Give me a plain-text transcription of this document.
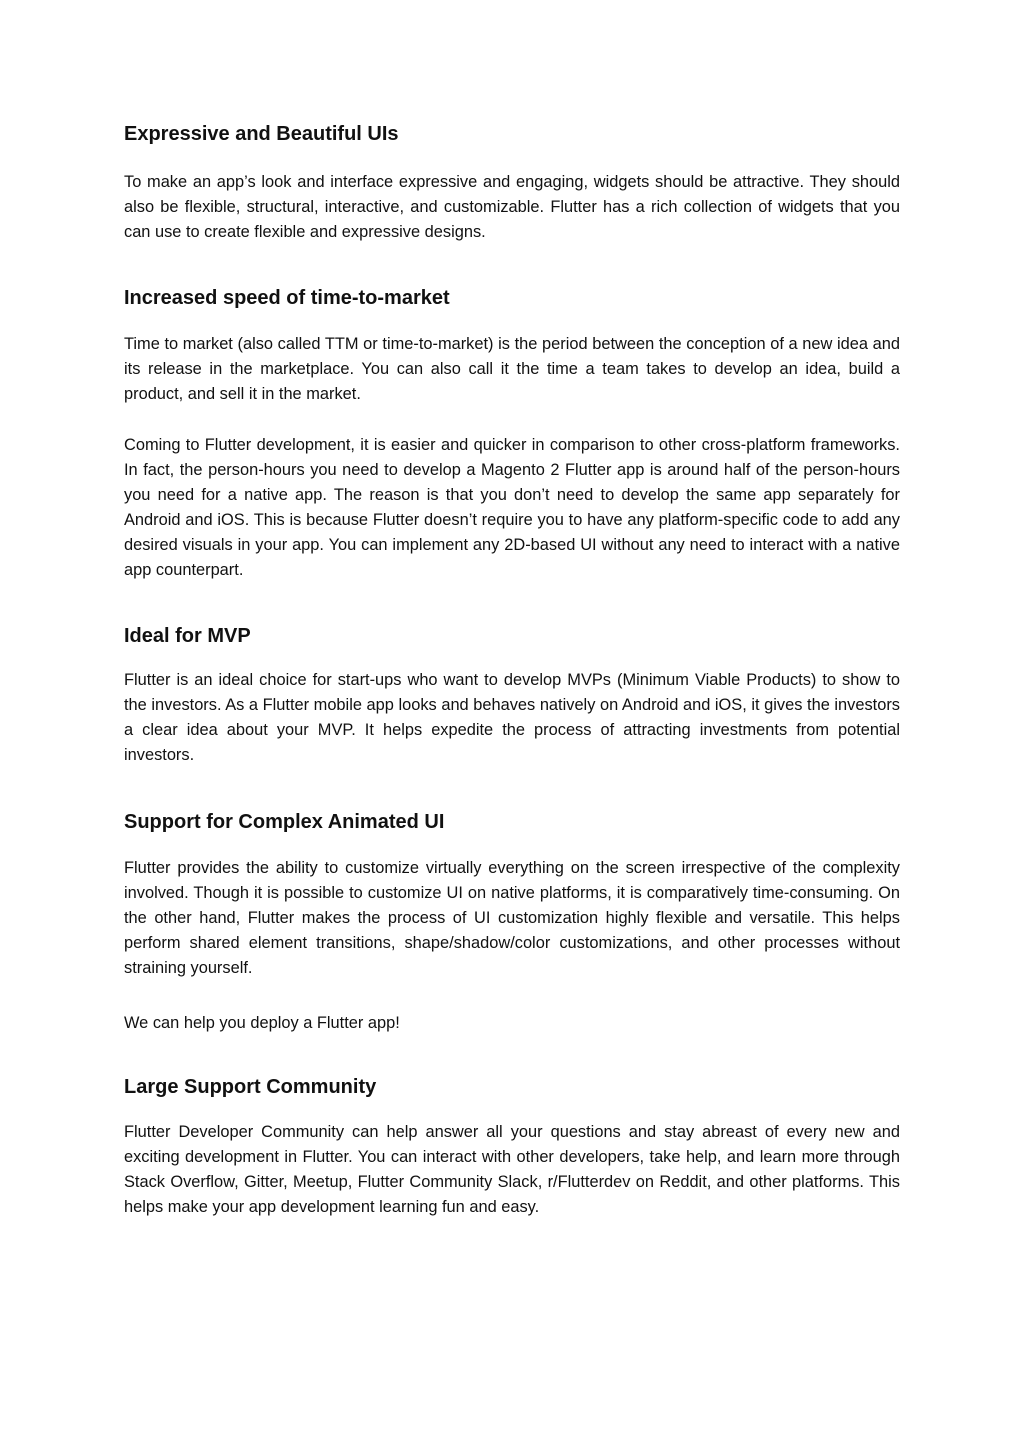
Expressive and Beautiful UIs

To make an app’s look and interface expressive and engaging, widgets should be attractive. They should also be flexible, structural, interactive, and customizable. Flutter has a rich collection of widgets that you can use to create flexible and expressive designs.

Increased speed of time-to-market

Time to market (also called TTM or time-to-market) is the period between the conception of a new idea and its release in the marketplace. You can also call it the time a team takes to develop an idea, build a product, and sell it in the market.

Coming to Flutter development, it is easier and quicker in comparison to other cross-platform frameworks. In fact, the person-hours you need to develop a Magento 2 Flutter app is around half of the person-hours you need for a native app. The reason is that you don’t need to develop the same app separately for Android and iOS. This is because Flutter doesn’t require you to have any platform-specific code to add any desired visuals in your app. You can implement any 2D-based UI without any need to interact with a native app counterpart.

Ideal for MVP

Flutter is an ideal choice for start-ups who want to develop MVPs (Minimum Viable Products) to show to the investors. As a Flutter mobile app looks and behaves natively on Android and iOS, it gives the investors a clear idea about your MVP. It helps expedite the process of attracting investments from potential investors.

Support for Complex Animated UI

Flutter provides the ability to customize virtually everything on the screen irrespective of the complexity involved. Though it is possible to customize UI on native platforms, it is comparatively time-consuming. On the other hand, Flutter makes the process of UI customization highly flexible and versatile. This helps perform shared element transitions, shape/shadow/color customizations, and other processes without straining yourself.

We can help you deploy a Flutter app!

Large Support Community

Flutter Developer Community can help answer all your questions and stay abreast of every new and exciting development in Flutter. You can interact with other developers, take help, and learn more through Stack Overflow, Gitter, Meetup, Flutter Community Slack, r/Flutterdev on Reddit, and other platforms. This helps make your app development learning fun and easy.
